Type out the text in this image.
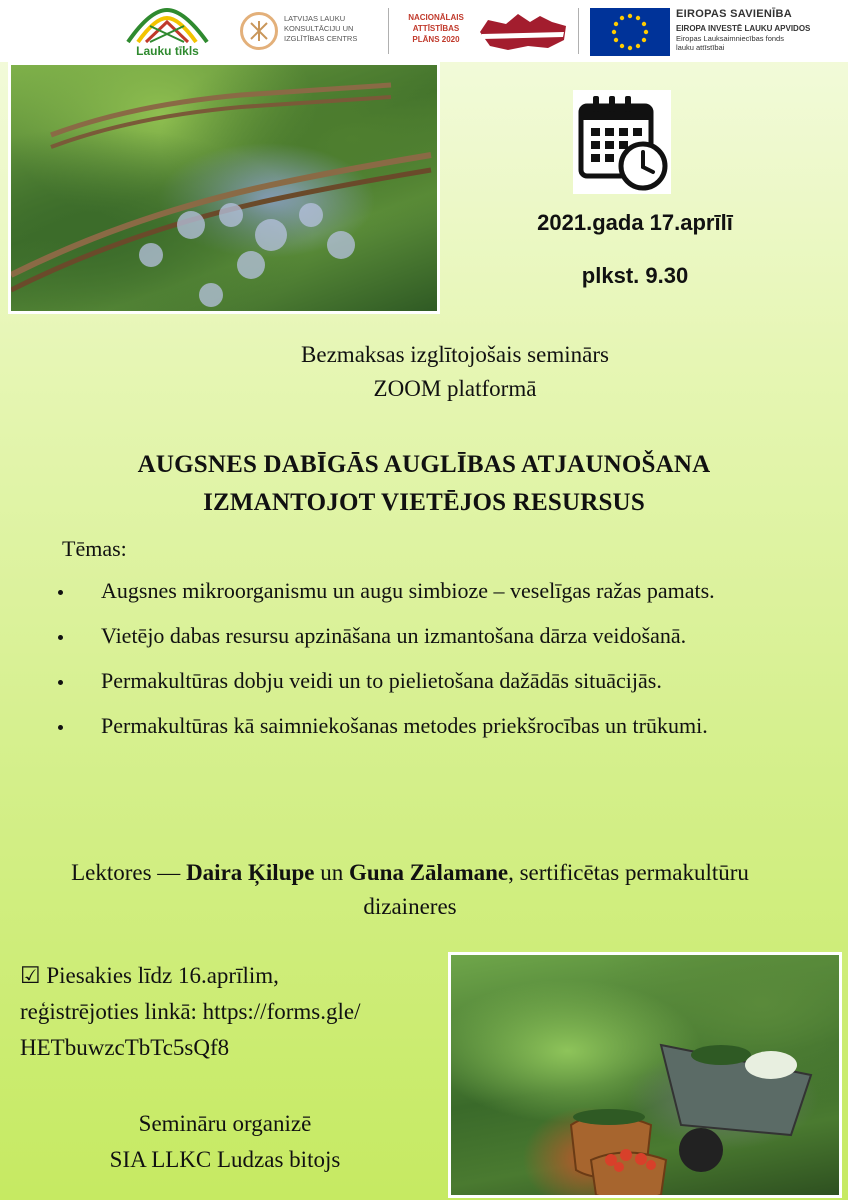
Lauku tīkls
LATVIJAS LAUKU
KONSULTĀCIJU UN
IZGLĪTĪBAS CENTRS
NACIONĀLAIS
ATTĪSTĪBAS
PLĀNS 2020
EIROPAS SAVIENĪBA
EIROPA INVESTĒ LAUKU APVIDOS
Eiropas Lauksaimniecības fonds
lauku attīstībai
2021.gada 17.aprīlī
plkst. 9.30
Bezmaksas izglītojošais seminārs
ZOOM platformā
AUGSNES DABĪGĀS AUGLĪBAS ATJAUNOŠANA
IZMANTOJOT VIETĒJOS RESURSUS
Tēmas:
Augsnes mikroorganismu un augu simbioze – veselīgas ražas pamats.
Vietējo dabas resursu apzināšana un izmantošana dārza veidošanā.
Permakultūras dobju veidi un to pielietošana dažādās situācijās.
Permakultūras kā saimniekošanas metodes priekšrocības un trūkumi.
Lektores — Daira Ķilupe un Guna Zālamane, sertificētas permakultūru dizaineres
☑ Piesakies līdz 16.aprīlim,
reģistrējoties linkā: https://forms.gle/
HETbuwzcTbTc5sQf8
Semināru organizē
SIA LLKC Ludzas bitojs
